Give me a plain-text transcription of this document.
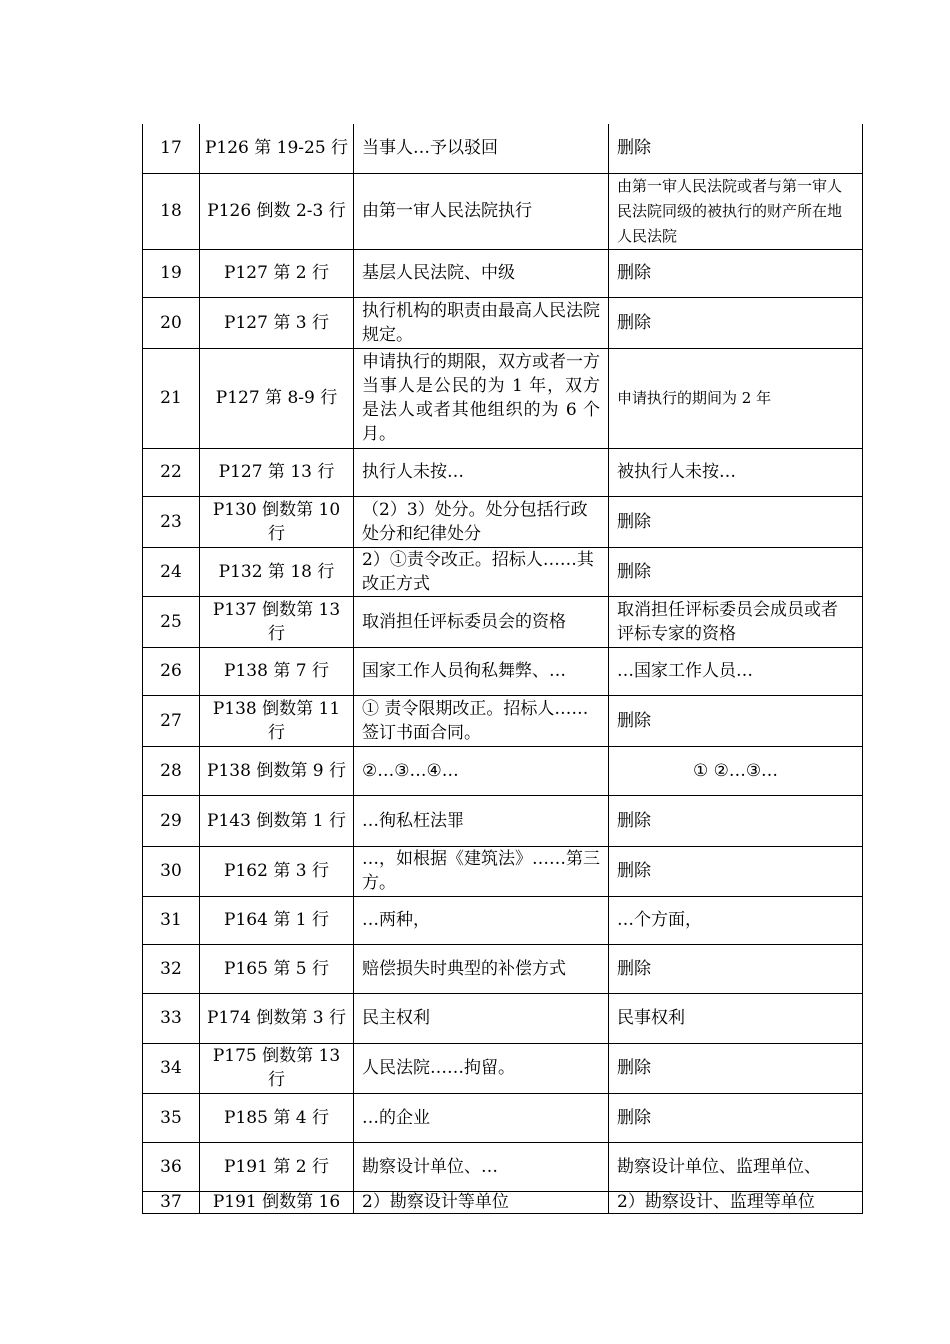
17	P126 第 19-25 行	当事人…予以驳回	删除
18	P126 倒数 2-3 行	由第一审人民法院执行	由第一审人民法院或者与第一审人民法院同级的被执行的财产所在地人民法院
19	P127 第 2 行	基层人民法院、中级	删除
20	P127 第 3 行	执行机构的职责由最高人民法院规定。	删除
21	P127 第 8-9 行	申请执行的期限，双方或者一方当事人是公民的为 1 年，双方是法人或者其他组织的为 6 个月。	申请执行的期间为 2 年
22	P127 第 13 行	执行人未按…	被执行人未按…
23	P130 倒数第 10 行	（2）3）处分。处分包括行政处分和纪律处分	删除
24	P132 第 18 行	2）①责令改正。招标人……其改正方式	删除
25	P137 倒数第 13 行	取消担任评标委员会的资格	取消担任评标委员会成员或者评标专家的资格
26	P138 第 7 行	国家工作人员徇私舞弊、…	…国家工作人员…
27	P138 倒数第 11 行	① 责令限期改正。招标人……签订书面合同。	删除
28	P138 倒数第 9 行	②…③…④…	① ②…③…
29	P143 倒数第 1 行	…徇私枉法罪	删除
30	P162 第 3 行	…，如根据《建筑法》……第三方。	删除
31	P164 第 1 行	…两种，	…个方面，
32	P165 第 5 行	赔偿损失时典型的补偿方式	删除
33	P174 倒数第 3 行	民主权利	民事权利
34	P175 倒数第 13 行	人民法院……拘留。	删除
35	P185 第 4 行	…的企业	删除
36	P191 第 2 行	勘察设计单位、…	勘察设计单位、监理单位、
37	P191 倒数第 16	2）勘察设计等单位	2）勘察设计、监理等单位
